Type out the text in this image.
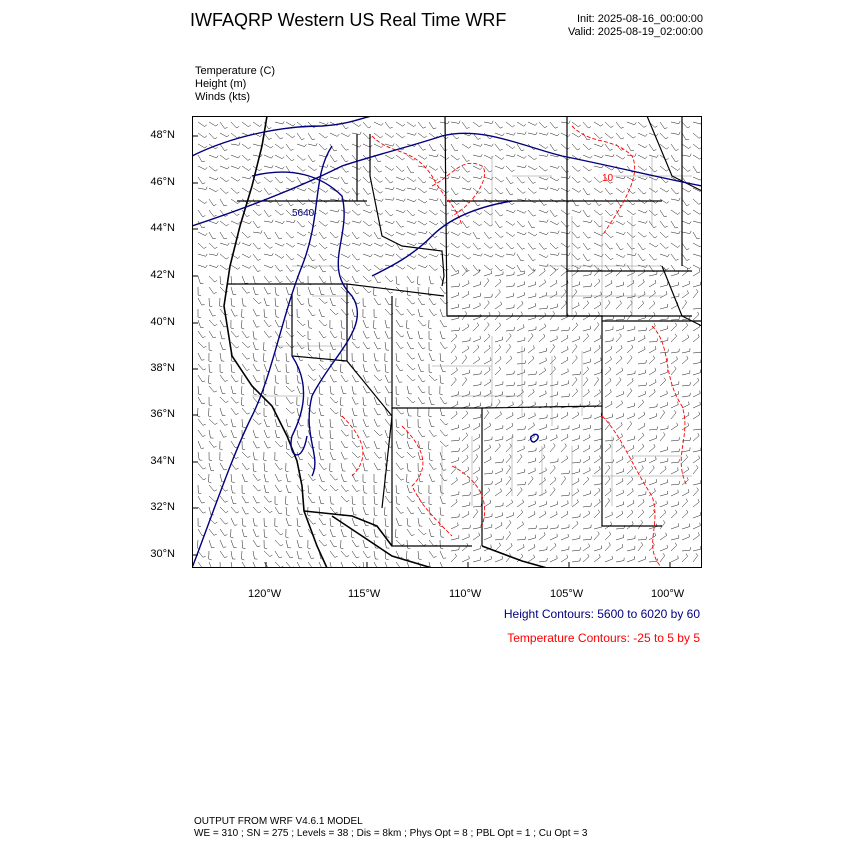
IWFAQRP Western US Real Time WRF	Init: 2025-08-16_00:00:00
Valid: 2025-08-19_02:00:00
Temperature (C)
Height (m)
Winds (kts)
5640
10
48°N
46°N
44°N
42°N
40°N
38°N
36°N
34°N
32°N
30°N
120°W	115°W	110°W	105°W	100°W
Height Contours: 5600 to 6020 by 60
Temperature Contours: -25 to 5 by 5
OUTPUT FROM WRF V4.6.1 MODEL
WE = 310 ; SN = 275 ; Levels = 38 ; Dis = 8km ; Phys Opt = 8 ; PBL Opt = 1 ; Cu Opt = 3
